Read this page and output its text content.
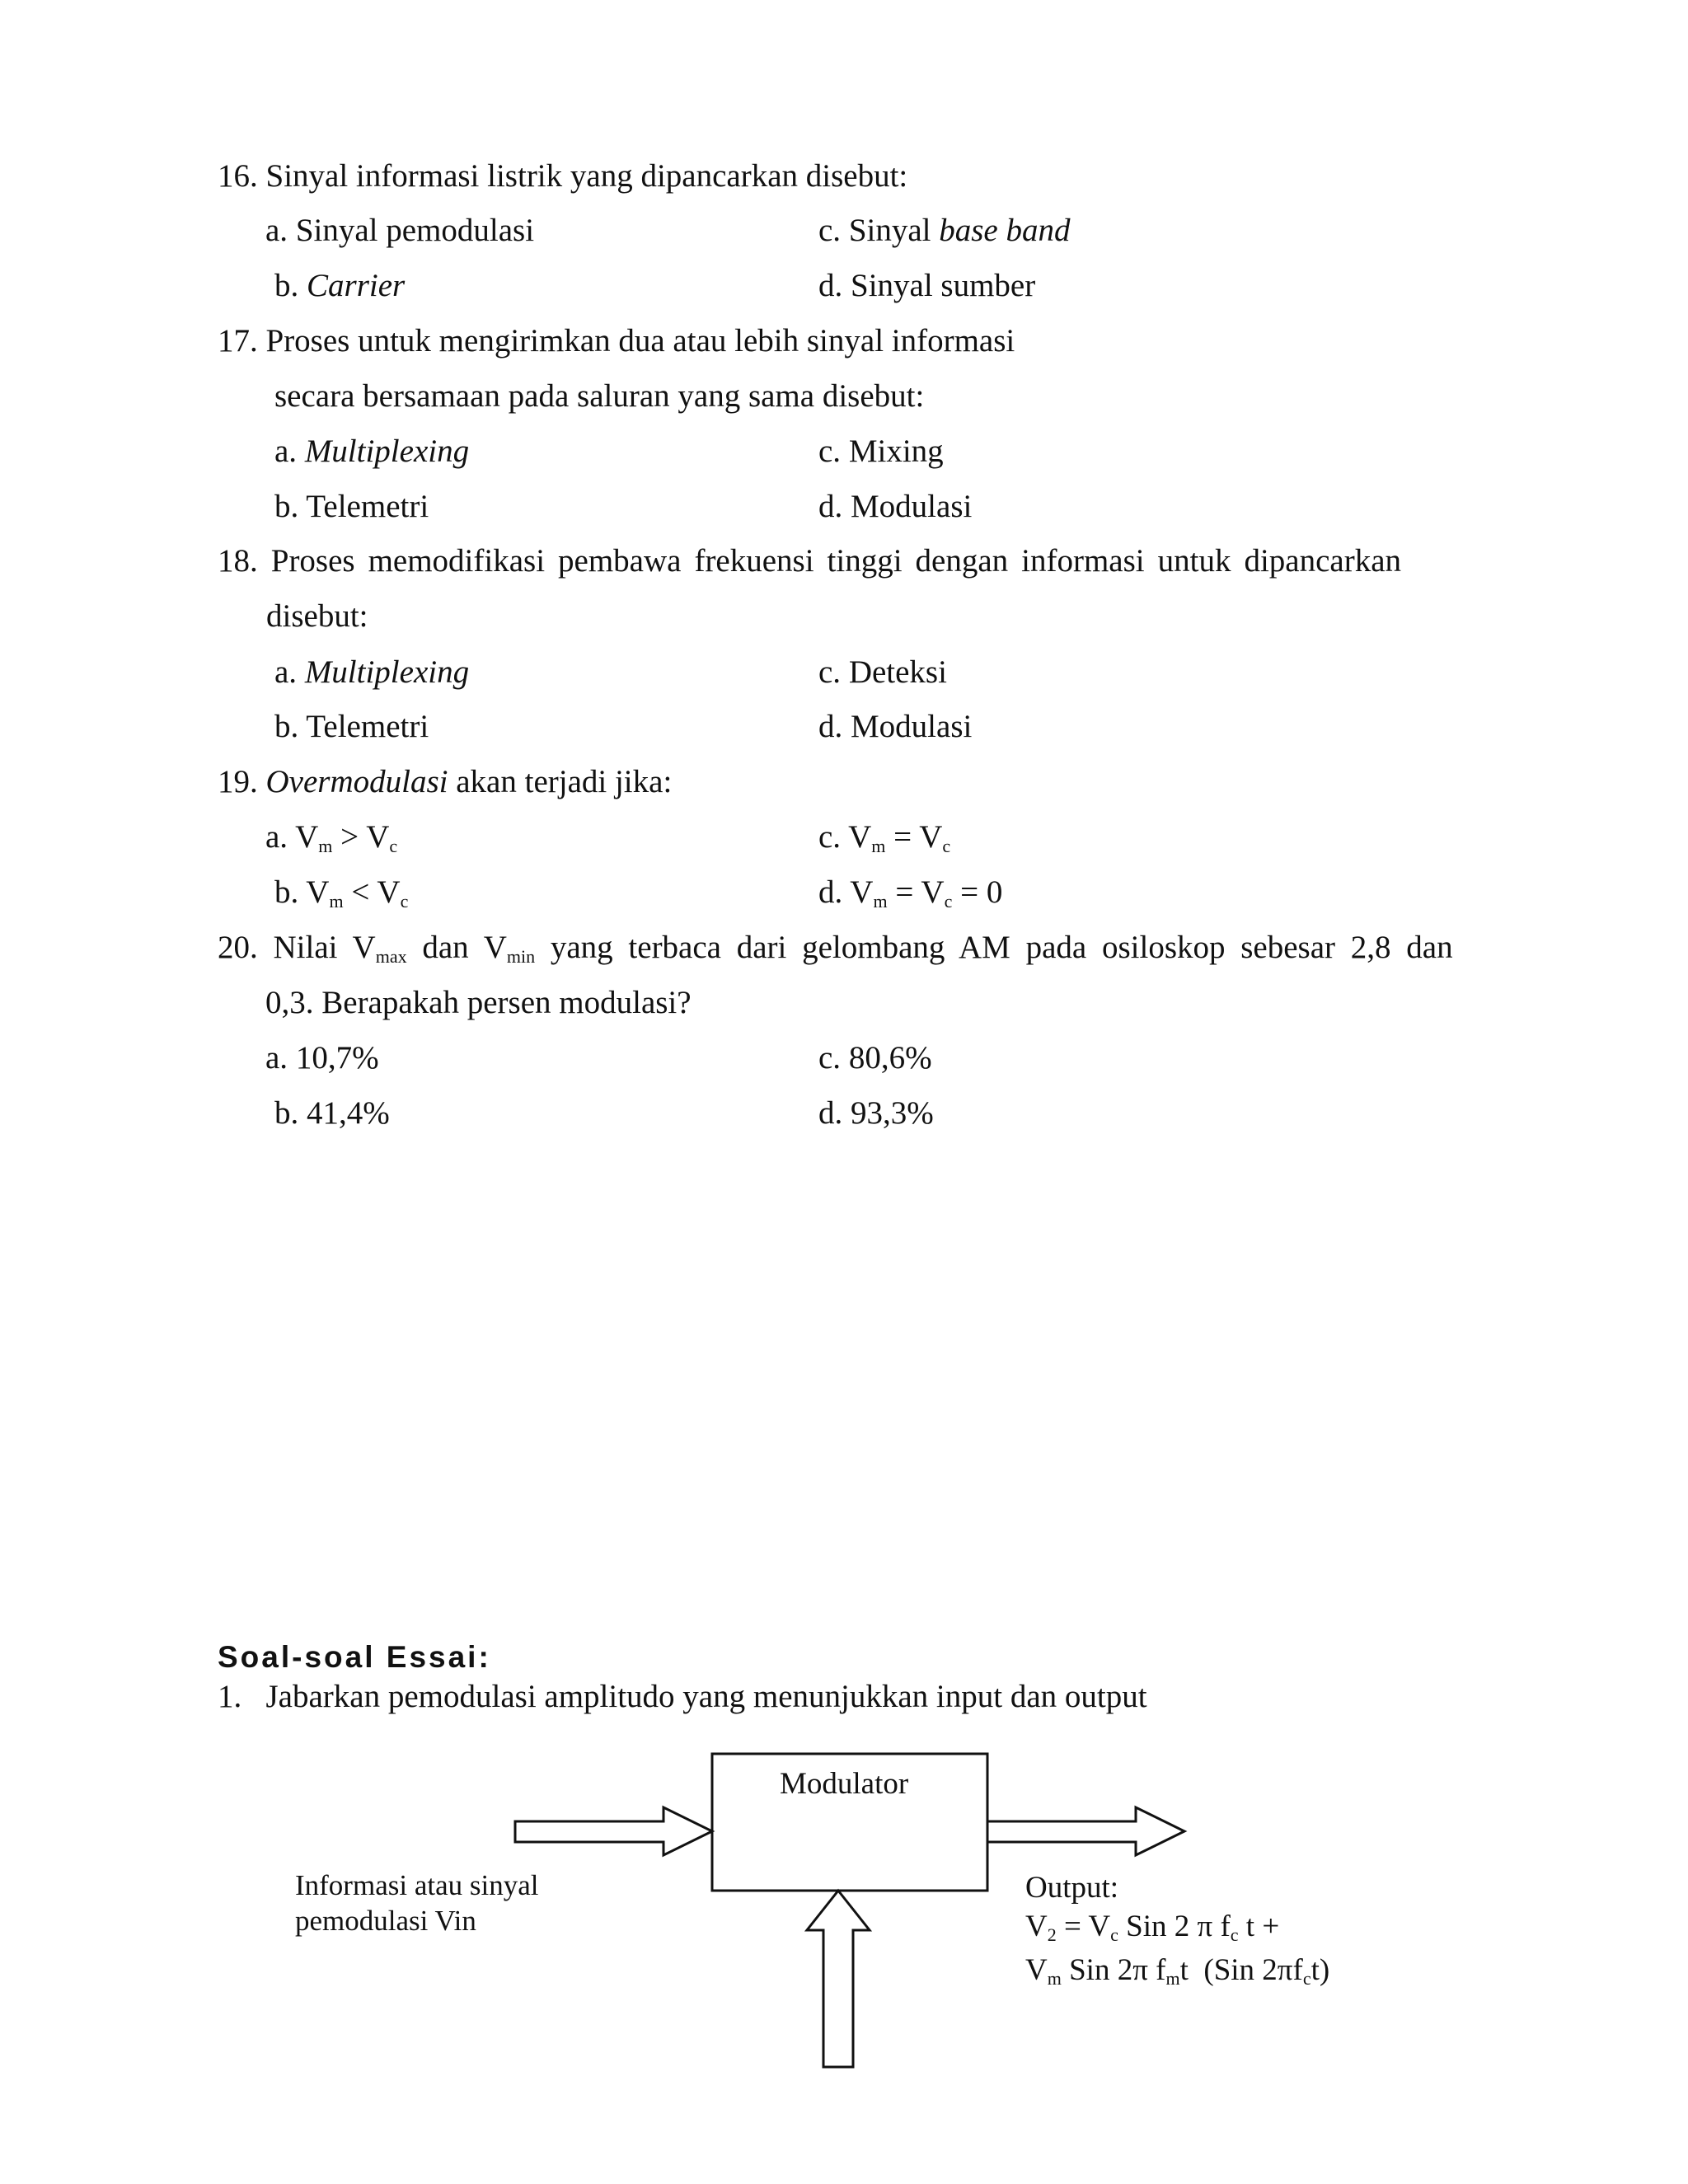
16. Sinyal informasi listrik yang dipancarkan disebut:
a. Sinyal pemodulasi	c. Sinyal base band
b. Carrier	d. Sinyal sumber
17. Proses untuk mengirimkan dua atau lebih sinyal informasi
secara bersamaan pada saluran yang sama disebut:
a. Multiplexing	c. Mixing
b. Telemetri	d. Modulasi
18. Proses memodifikasi pembawa frekuensi tinggi dengan informasi untuk dipancarkan
disebut:
a. Multiplexing	c. Deteksi
b. Telemetri	d. Modulasi
19. Overmodulasi akan terjadi jika:
a. $V_m > V_c$	c. $V_m = V_c$
b. $V_m < V_c$	d. $V_m = V_c = 0$
20. Nilai $V_{max}$ dan $V_{min}$ yang terbaca dari gelombang AM pada osiloskop sebesar 2,8 dan
0,3. Berapakah persen modulasi?
a. 10,7%	c. 80,6%
b. 41,4%	d. 93,3%
Soal-soal Essai:
1. Jabarkan pemodulasi amplitudo yang menunjukkan input dan output
Modulator
Informasi atau sinyal
pemodulasi Vin
Output:
$V_2 = V_c$ Sin 2 π $f_c$ t +
$V_m$ Sin 2π $f_mt$ (Sin $2\pi f_ct$)
